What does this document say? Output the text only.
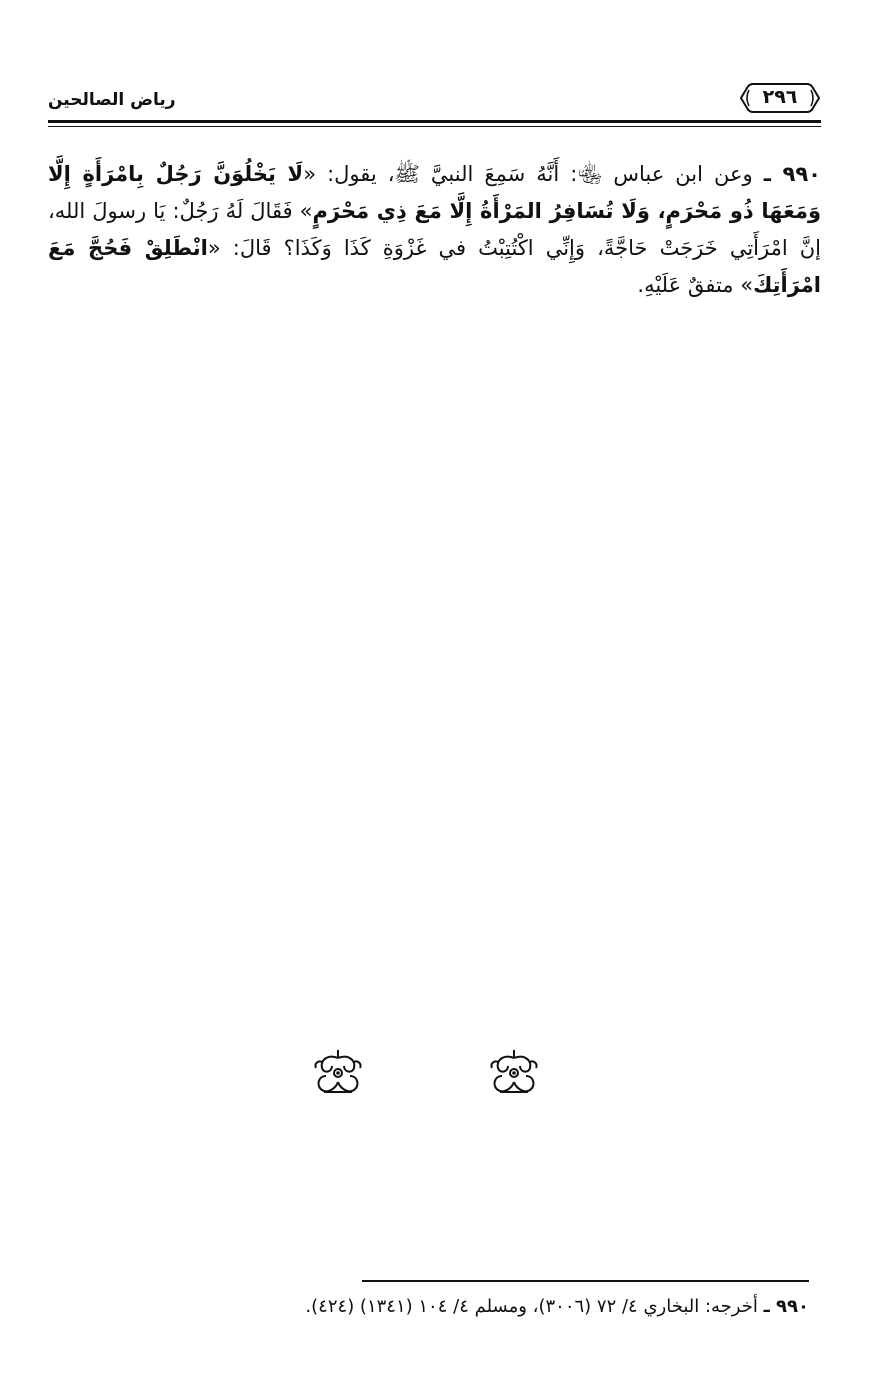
رياض الصالحين	٢٩٦
٩٩٠ ـ وعن ابن عباس ﵄: أَنَّهُ سَمِعَ النبيَّ ﷺ، يقول: «لَا يَخْلُوَنَّ رَجُلٌ بِامْرَأَةٍ إِلَّا وَمَعَهَا ذُو مَحْرَمٍ، وَلَا تُسَافِرُ المَرْأَةُ إِلَّا مَعَ ذِي مَحْرَمٍ» فَقَالَ لَهُ رَجُلٌ: يَا رسولَ الله، إنَّ امْرَأَتِي خَرَجَتْ حَاجَّةً، وَإِنِّي اكْتُتِبْتُ في غَزْوَةِ كَذَا وَكَذَا؟ قَالَ: «انْطَلِقْ فَحُجَّ مَعَ امْرَأَتِكَ» متفقٌ عَلَيْهِ.
٩٩٠ ـ أخرجه: البخاري ٤/ ٧٢ (٣٠٠٦)، ومسلم ٤/ ١٠٤ (١٣٤١) (٤٢٤).
